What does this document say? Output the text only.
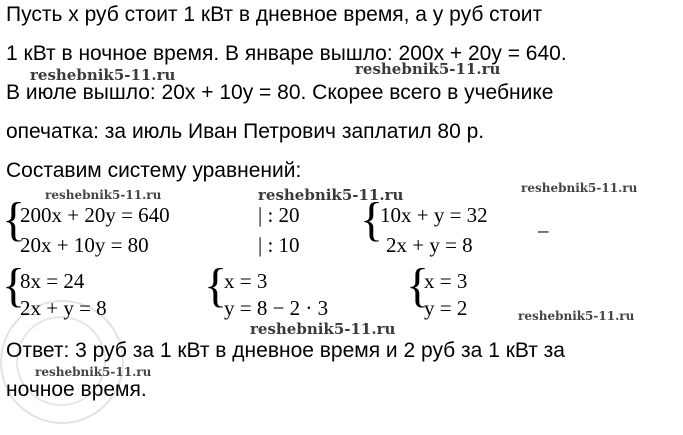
Пусть x руб стоит 1 кВт в дневное время, а y руб стоит
1 кВт в ночное время. В январе вышло: 200x + 20y = 640.
В июле вышло: 20x + 10y = 80. Скорее всего в учебнике
опечатка: за июль Иван Петрович заплатил 80 р.
Составим систему уравнений:
{
200x + 20y = 640	| : 20
20x + 10y = 80	| : 10 {
10x + y = 32
2x + y = 8
–
{
8x = 24
2x + y = 8 {
x = 3
y = 8 − 2 · 3 {
x = 3
y = 2
Ответ: 3 руб за 1 кВт в дневное время и 2 руб за 1 кВт за
ночное время.
reshebnik5-11.ru	reshebnik5-11.ru
reshebnik5-11.ru	reshebnik5-11.ru	reshebnik5-11.ru
reshebnik5-11.ru
reshebnik5-11.ru
reshebnik5-11.ru
